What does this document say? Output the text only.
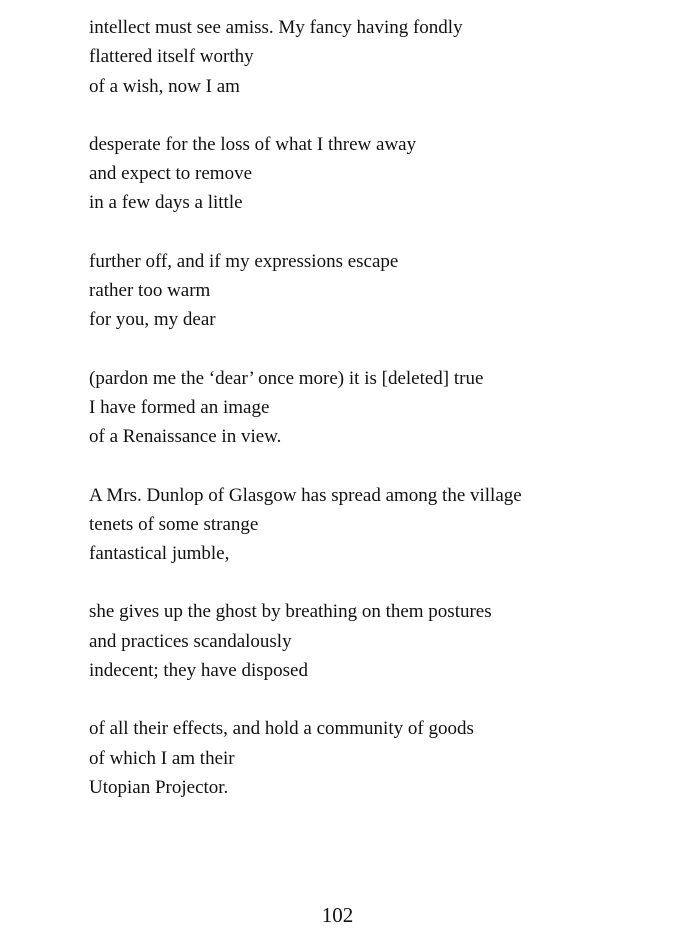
intellect must see amiss. My fancy having fondly
flattered itself worthy
of a wish, now I am
desperate for the loss of what I threw away
and expect to remove
in a few days a little
further off, and if my expressions escape
rather too warm
for you, my dear
(pardon me the ‘dear’ once more) it is [deleted] true
I have formed an image
of a Renaissance in view.
A Mrs. Dunlop of Glasgow has spread among the village
tenets of some strange
fantastical jumble,
she gives up the ghost by breathing on them postures
and practices scandalously
indecent; they have disposed
of all their effects, and hold a community of goods
of which I am their
Utopian Projector.
102
